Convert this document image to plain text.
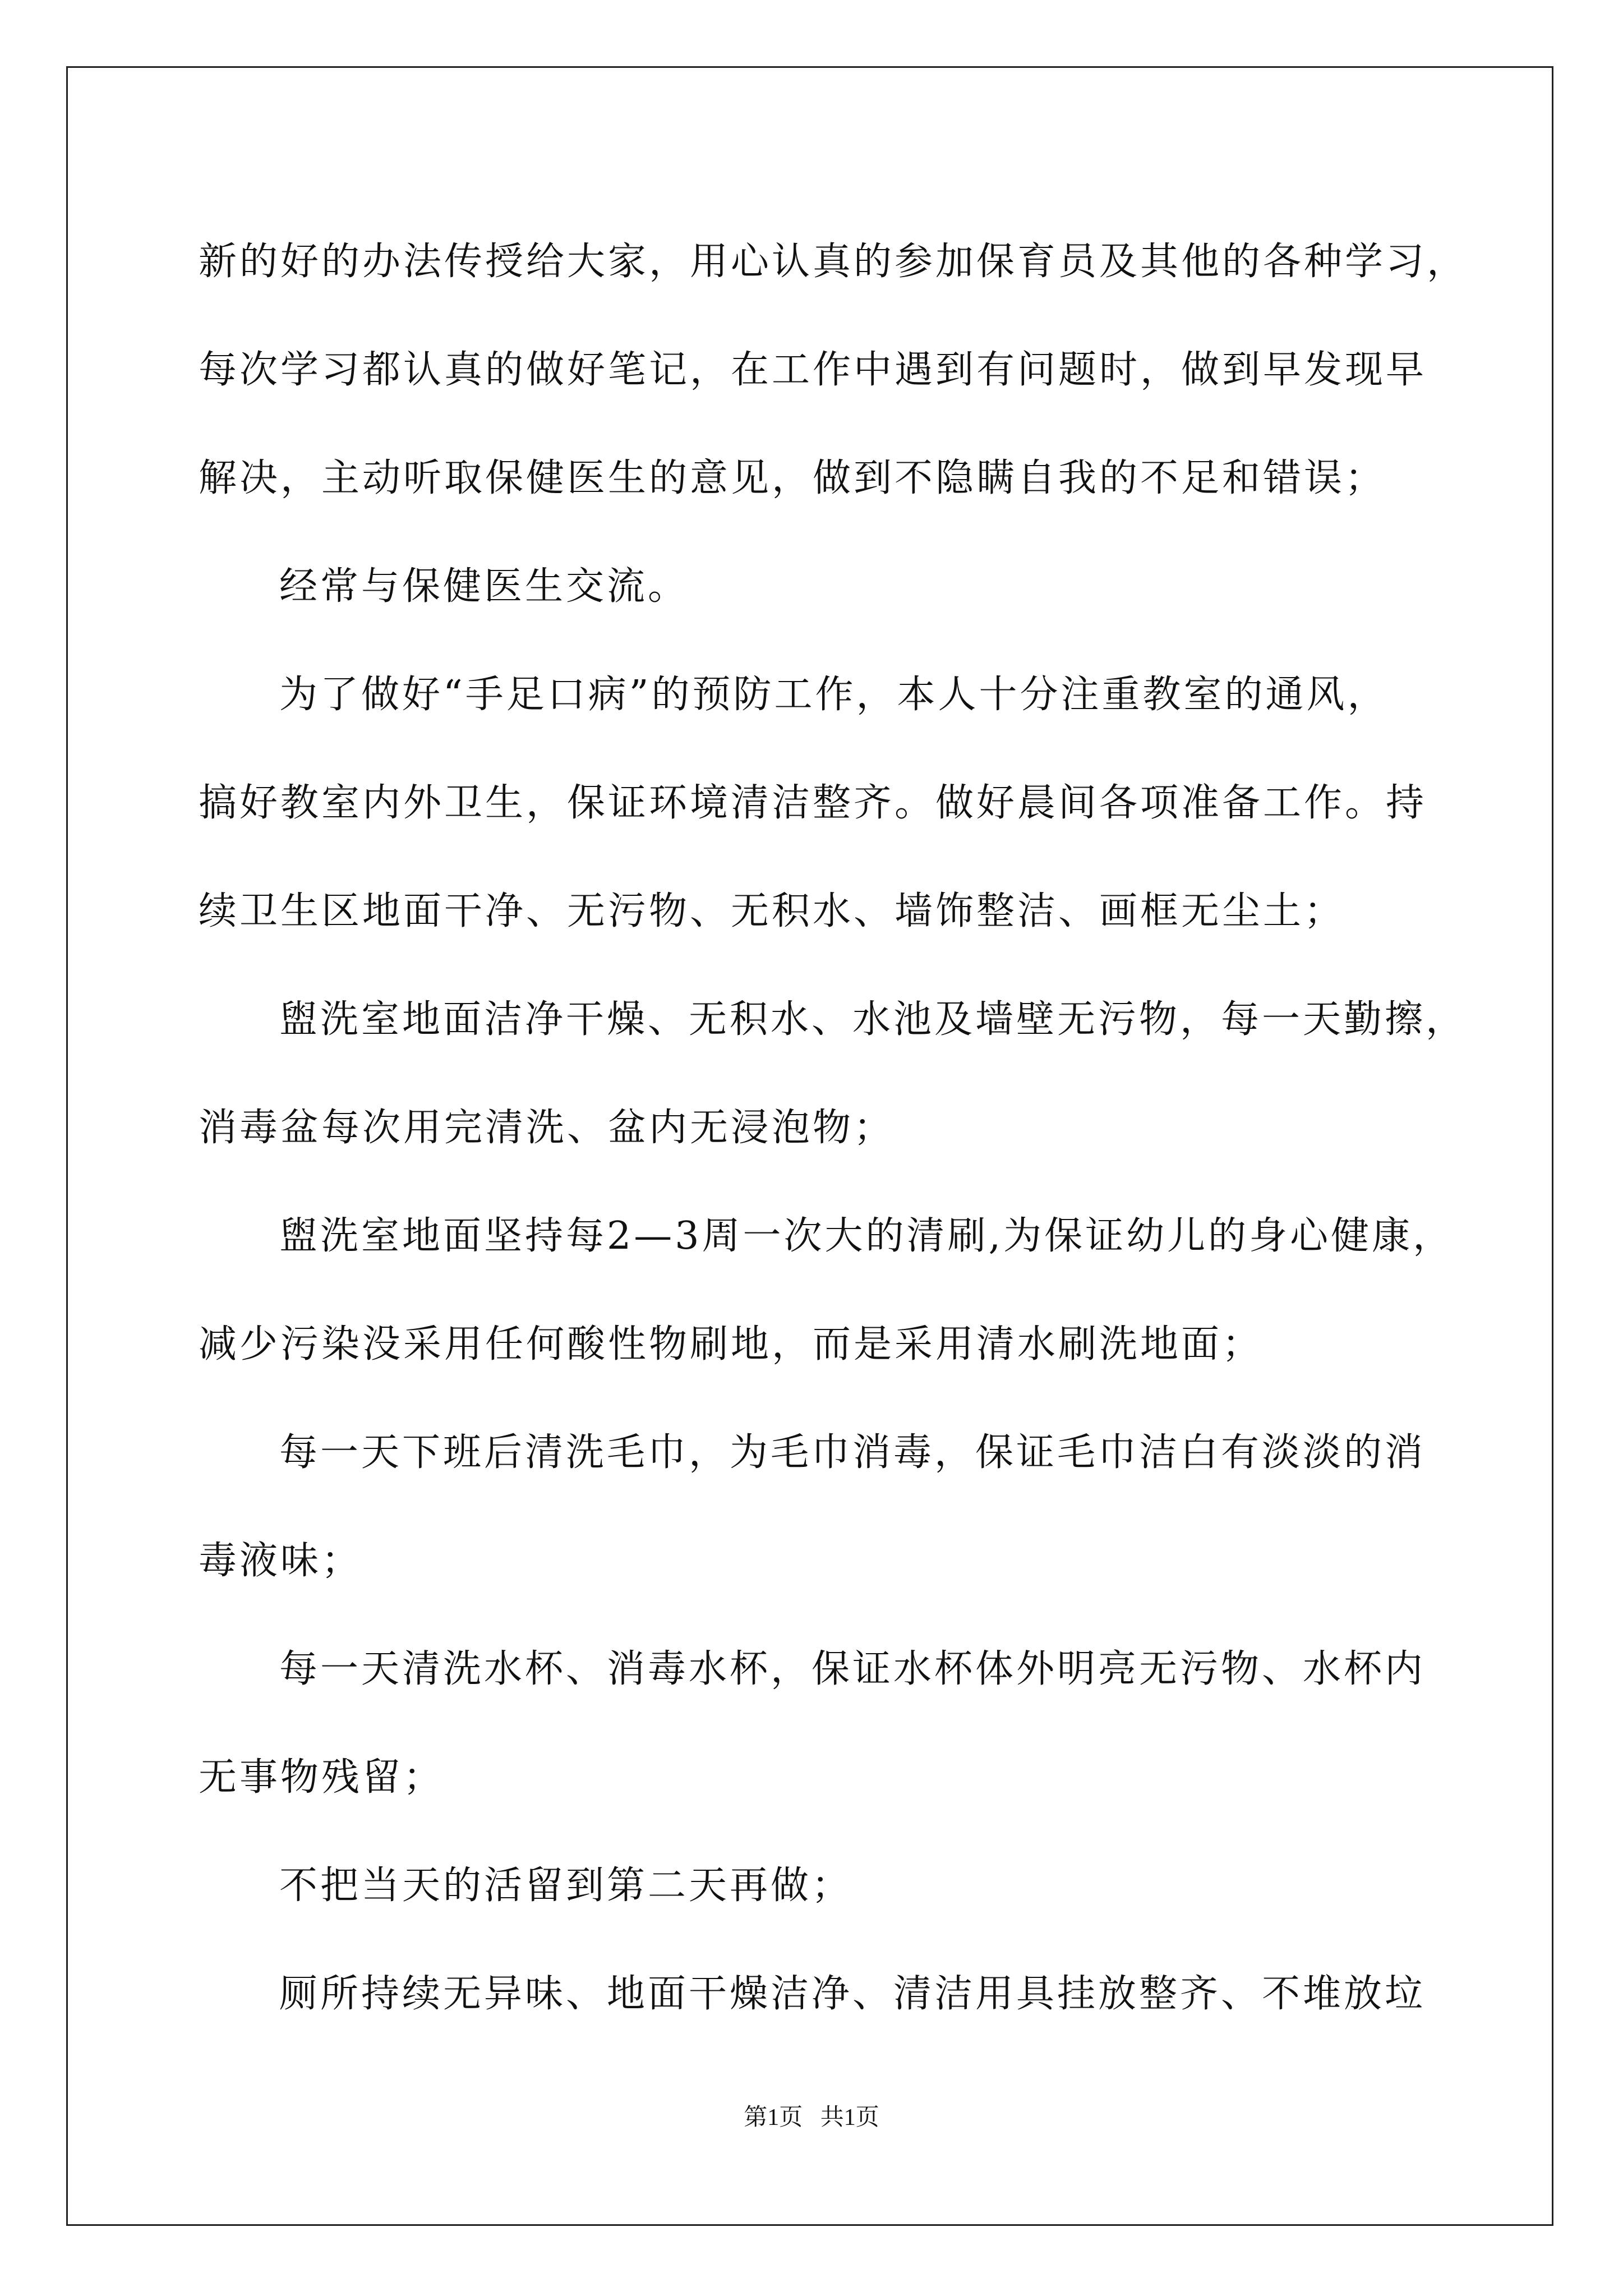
新的好的办法传授给大家，用心认真的参加保育员及其他的各种学习，
每次学习都认真的做好笔记，在工作中遇到有问题时，做到早发现早
解决，主动听取保健医生的意见，做到不隐瞒自我的不足和错误；
经常与保健医生交流。
为了做好“手足口病”的预防工作，本人十分注重教室的通风，
搞好教室内外卫生，保证环境清洁整齐。做好晨间各项准备工作。持
续卫生区地面干净、无污物、无积水、墙饰整洁、画框无尘土；
盥洗室地面洁净干燥、无积水、水池及墙壁无污物，每一天勤擦，
消毒盆每次用完清洗、盆内无浸泡物；
盥洗室地面坚持每2—3周一次大的清刷,为保证幼儿的身心健康，
减少污染没采用任何酸性物刷地，而是采用清水刷洗地面；
每一天下班后清洗毛巾，为毛巾消毒，保证毛巾洁白有淡淡的消
毒液味；
每一天清洗水杯、消毒水杯，保证水杯体外明亮无污物、水杯内
无事物残留；
不把当天的活留到第二天再做；
厕所持续无异味、地面干燥洁净、清洁用具挂放整齐、不堆放垃
第1页   共1页
